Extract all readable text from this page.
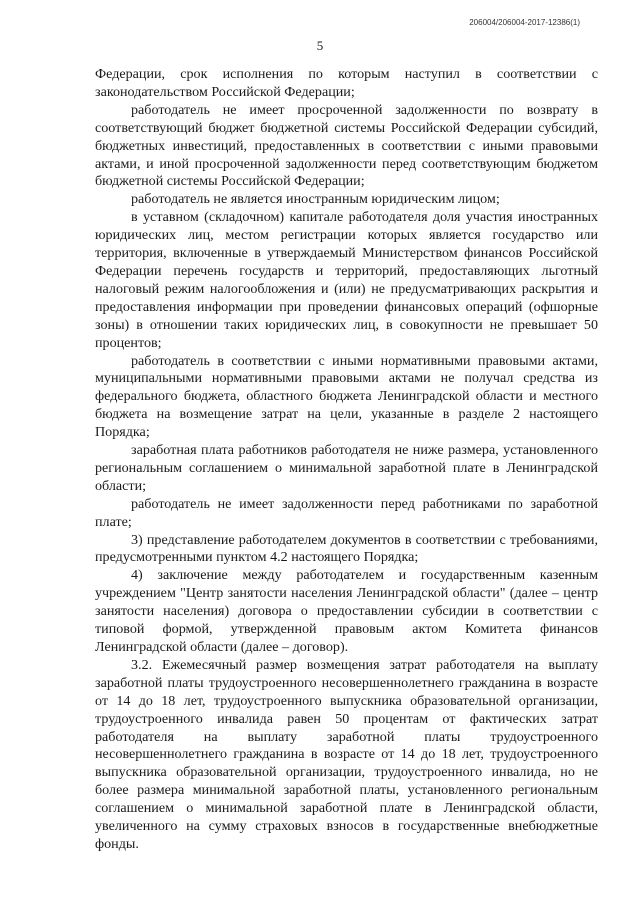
206004/206004-2017-12386(1)
5

Федерации, срок исполнения по которым наступил в соответствии с законодательством Российской Федерации;

работодатель не имеет просроченной задолженности по возврату в соответствующий бюджет бюджетной системы Российской Федерации субсидий, бюджетных инвестиций, предоставленных в соответствии с иными правовыми актами, и иной просроченной задолженности перед соответствующим бюджетом бюджетной системы Российской Федерации;

работодатель не является иностранным юридическим лицом;

в уставном (складочном) капитале работодателя доля участия иностранных юридических лиц, местом регистрации которых является государство или территория, включенные в утверждаемый Министерством финансов Российской Федерации перечень государств и территорий, предоставляющих льготный налоговый режим налогообложения и (или) не предусматривающих раскрытия и предоставления информации при проведении финансовых операций (офшорные зоны) в отношении таких юридических лиц, в совокупности не превышает 50 процентов;

работодатель в соответствии с иными нормативными правовыми актами, муниципальными нормативными правовыми актами не получал средства из федерального бюджета, областного бюджета Ленинградской области и местного бюджета на возмещение затрат на цели, указанные в разделе 2 настоящего Порядка;

заработная плата работников работодателя не ниже размера, установленного региональным соглашением о минимальной заработной плате в Ленинградской области;

работодатель не имеет задолженности перед работниками по заработной плате;

3) представление работодателем документов в соответствии с требованиями, предусмотренными пунктом 4.2 настоящего Порядка;

4) заключение между работодателем и государственным казенным учреждением "Центр занятости населения Ленинградской области" (далее – центр занятости населения) договора о предоставлении субсидии в соответствии с типовой формой, утвержденной правовым актом Комитета финансов Ленинградской области (далее – договор).

3.2. Ежемесячный размер возмещения затрат работодателя на выплату заработной платы трудоустроенного несовершеннолетнего гражданина в возрасте от 14 до 18 лет, трудоустроенного выпускника образовательной организации, трудоустроенного инвалида равен 50 процентам от фактических затрат работодателя на выплату заработной платы трудоустроенного несовершеннолетнего гражданина в возрасте от 14 до 18 лет, трудоустроенного выпускника образовательной организации, трудоустроенного инвалида, но не более размера минимальной заработной платы, установленного региональным соглашением о минимальной заработной плате в Ленинградской области, увеличенного на сумму страховых взносов в государственные внебюджетные фонды.
